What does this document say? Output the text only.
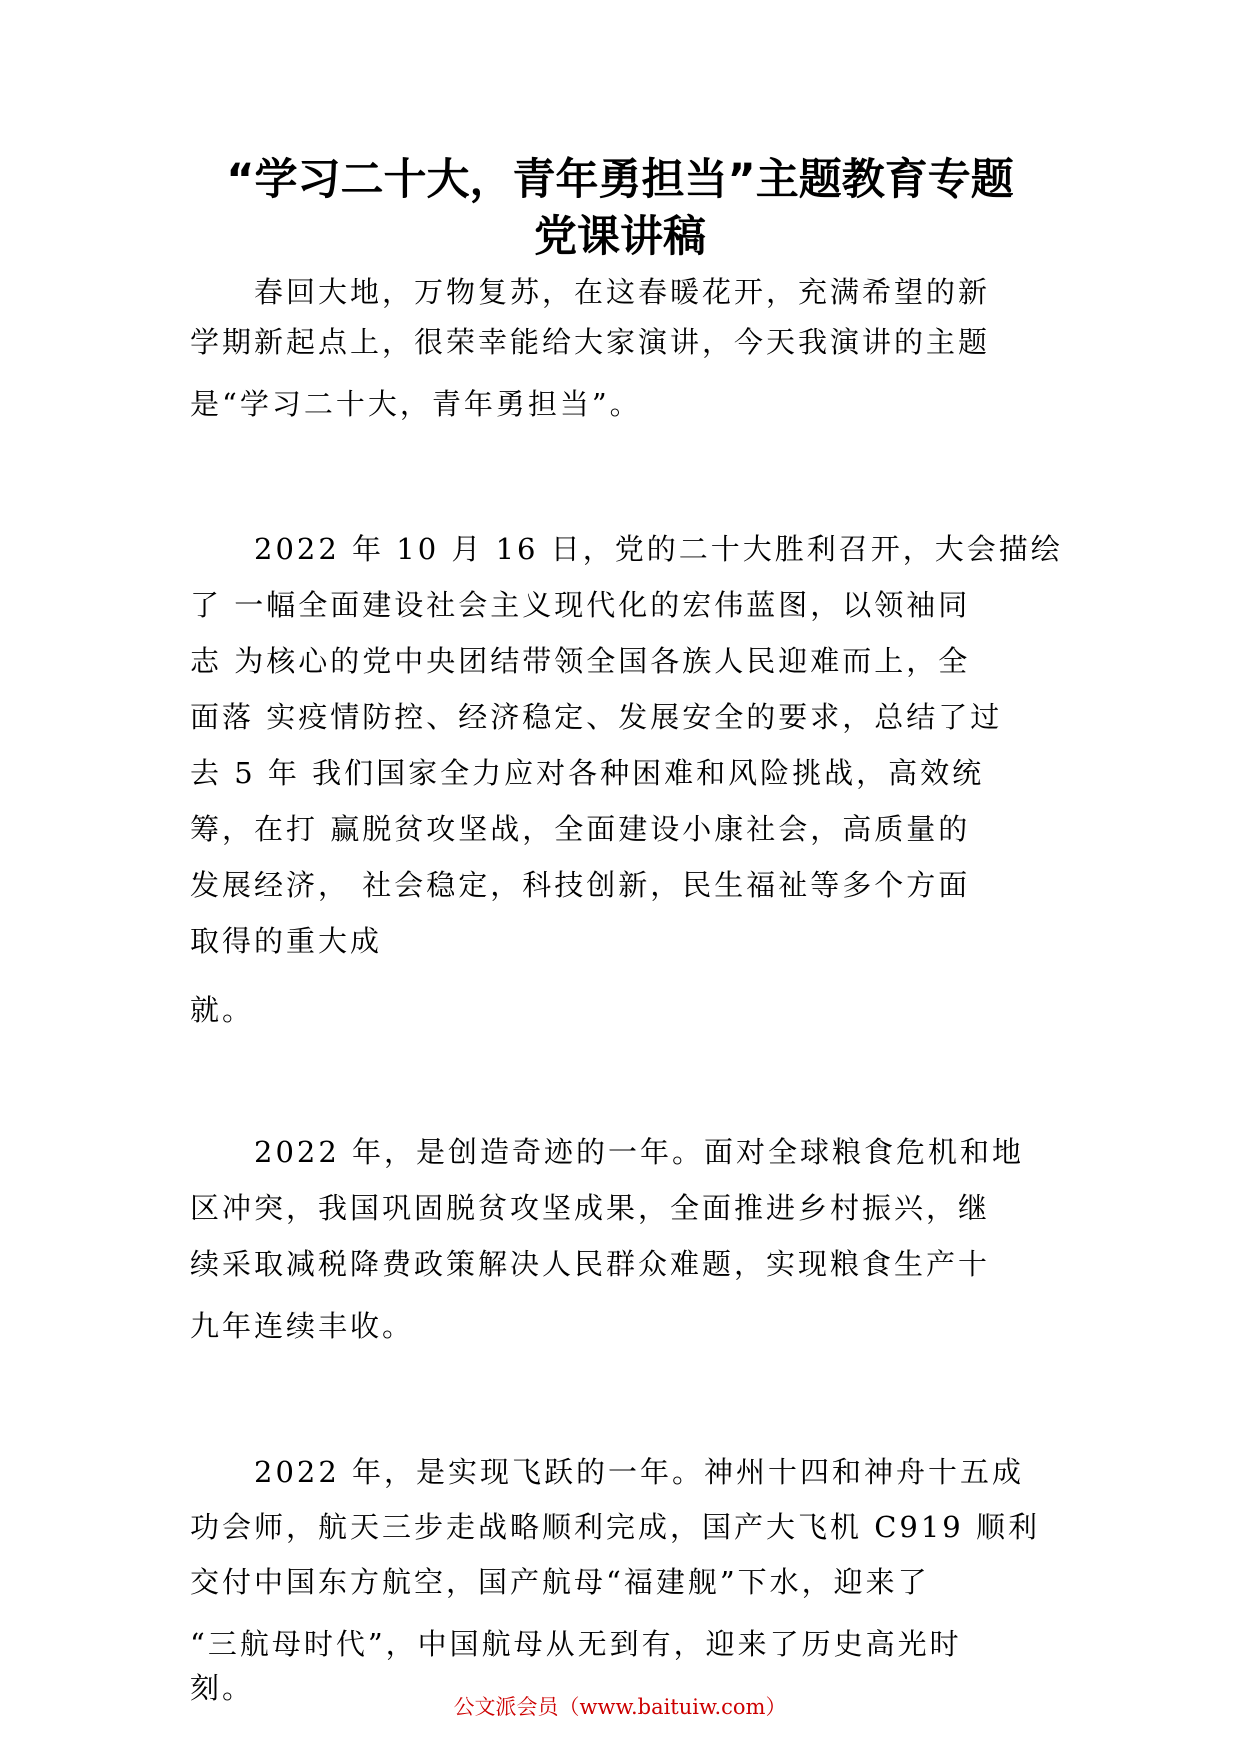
“学习二十大，青年勇担当”主题教育专题
党课讲稿
　　春回大地，万物复苏，在这春暖花开，充满希望的新
学期新起点上，很荣幸能给大家演讲，今天我演讲的主题
是“学习二十大，青年勇担当”。
　　2022 年 10 月 16 日，党的二十大胜利召开，大会描绘
了 一幅全面建设社会主义现代化的宏伟蓝图，以领袖同
志 为核心的党中央团结带领全国各族人民迎难而上，全
面落 实疫情防控、经济稳定、发展安全的要求，总结了过
去 5 年 我们国家全力应对各种困难和风险挑战，高效统
筹，在打 赢脱贫攻坚战，全面建设小康社会，高质量的
发展经济， 社会稳定，科技创新，民生福祉等多个方面
取得的重大成
就。
　　2022 年，是创造奇迹的一年。面对全球粮食危机和地
区冲突，我国巩固脱贫攻坚成果，全面推进乡村振兴，继
续采取减税降费政策解决人民群众难题，实现粮食生产十
九年连续丰收。
　　2022 年，是实现飞跃的一年。神州十四和神舟十五成
功会师，航天三步走战略顺利完成，国产大飞机 C919 顺利
交付中国东方航空，国产航母“福建舰”下水，迎来了
“三航母时代”，中国航母从无到有，迎来了历史高光时
刻。
公文派会员（www.baituiw.com）
